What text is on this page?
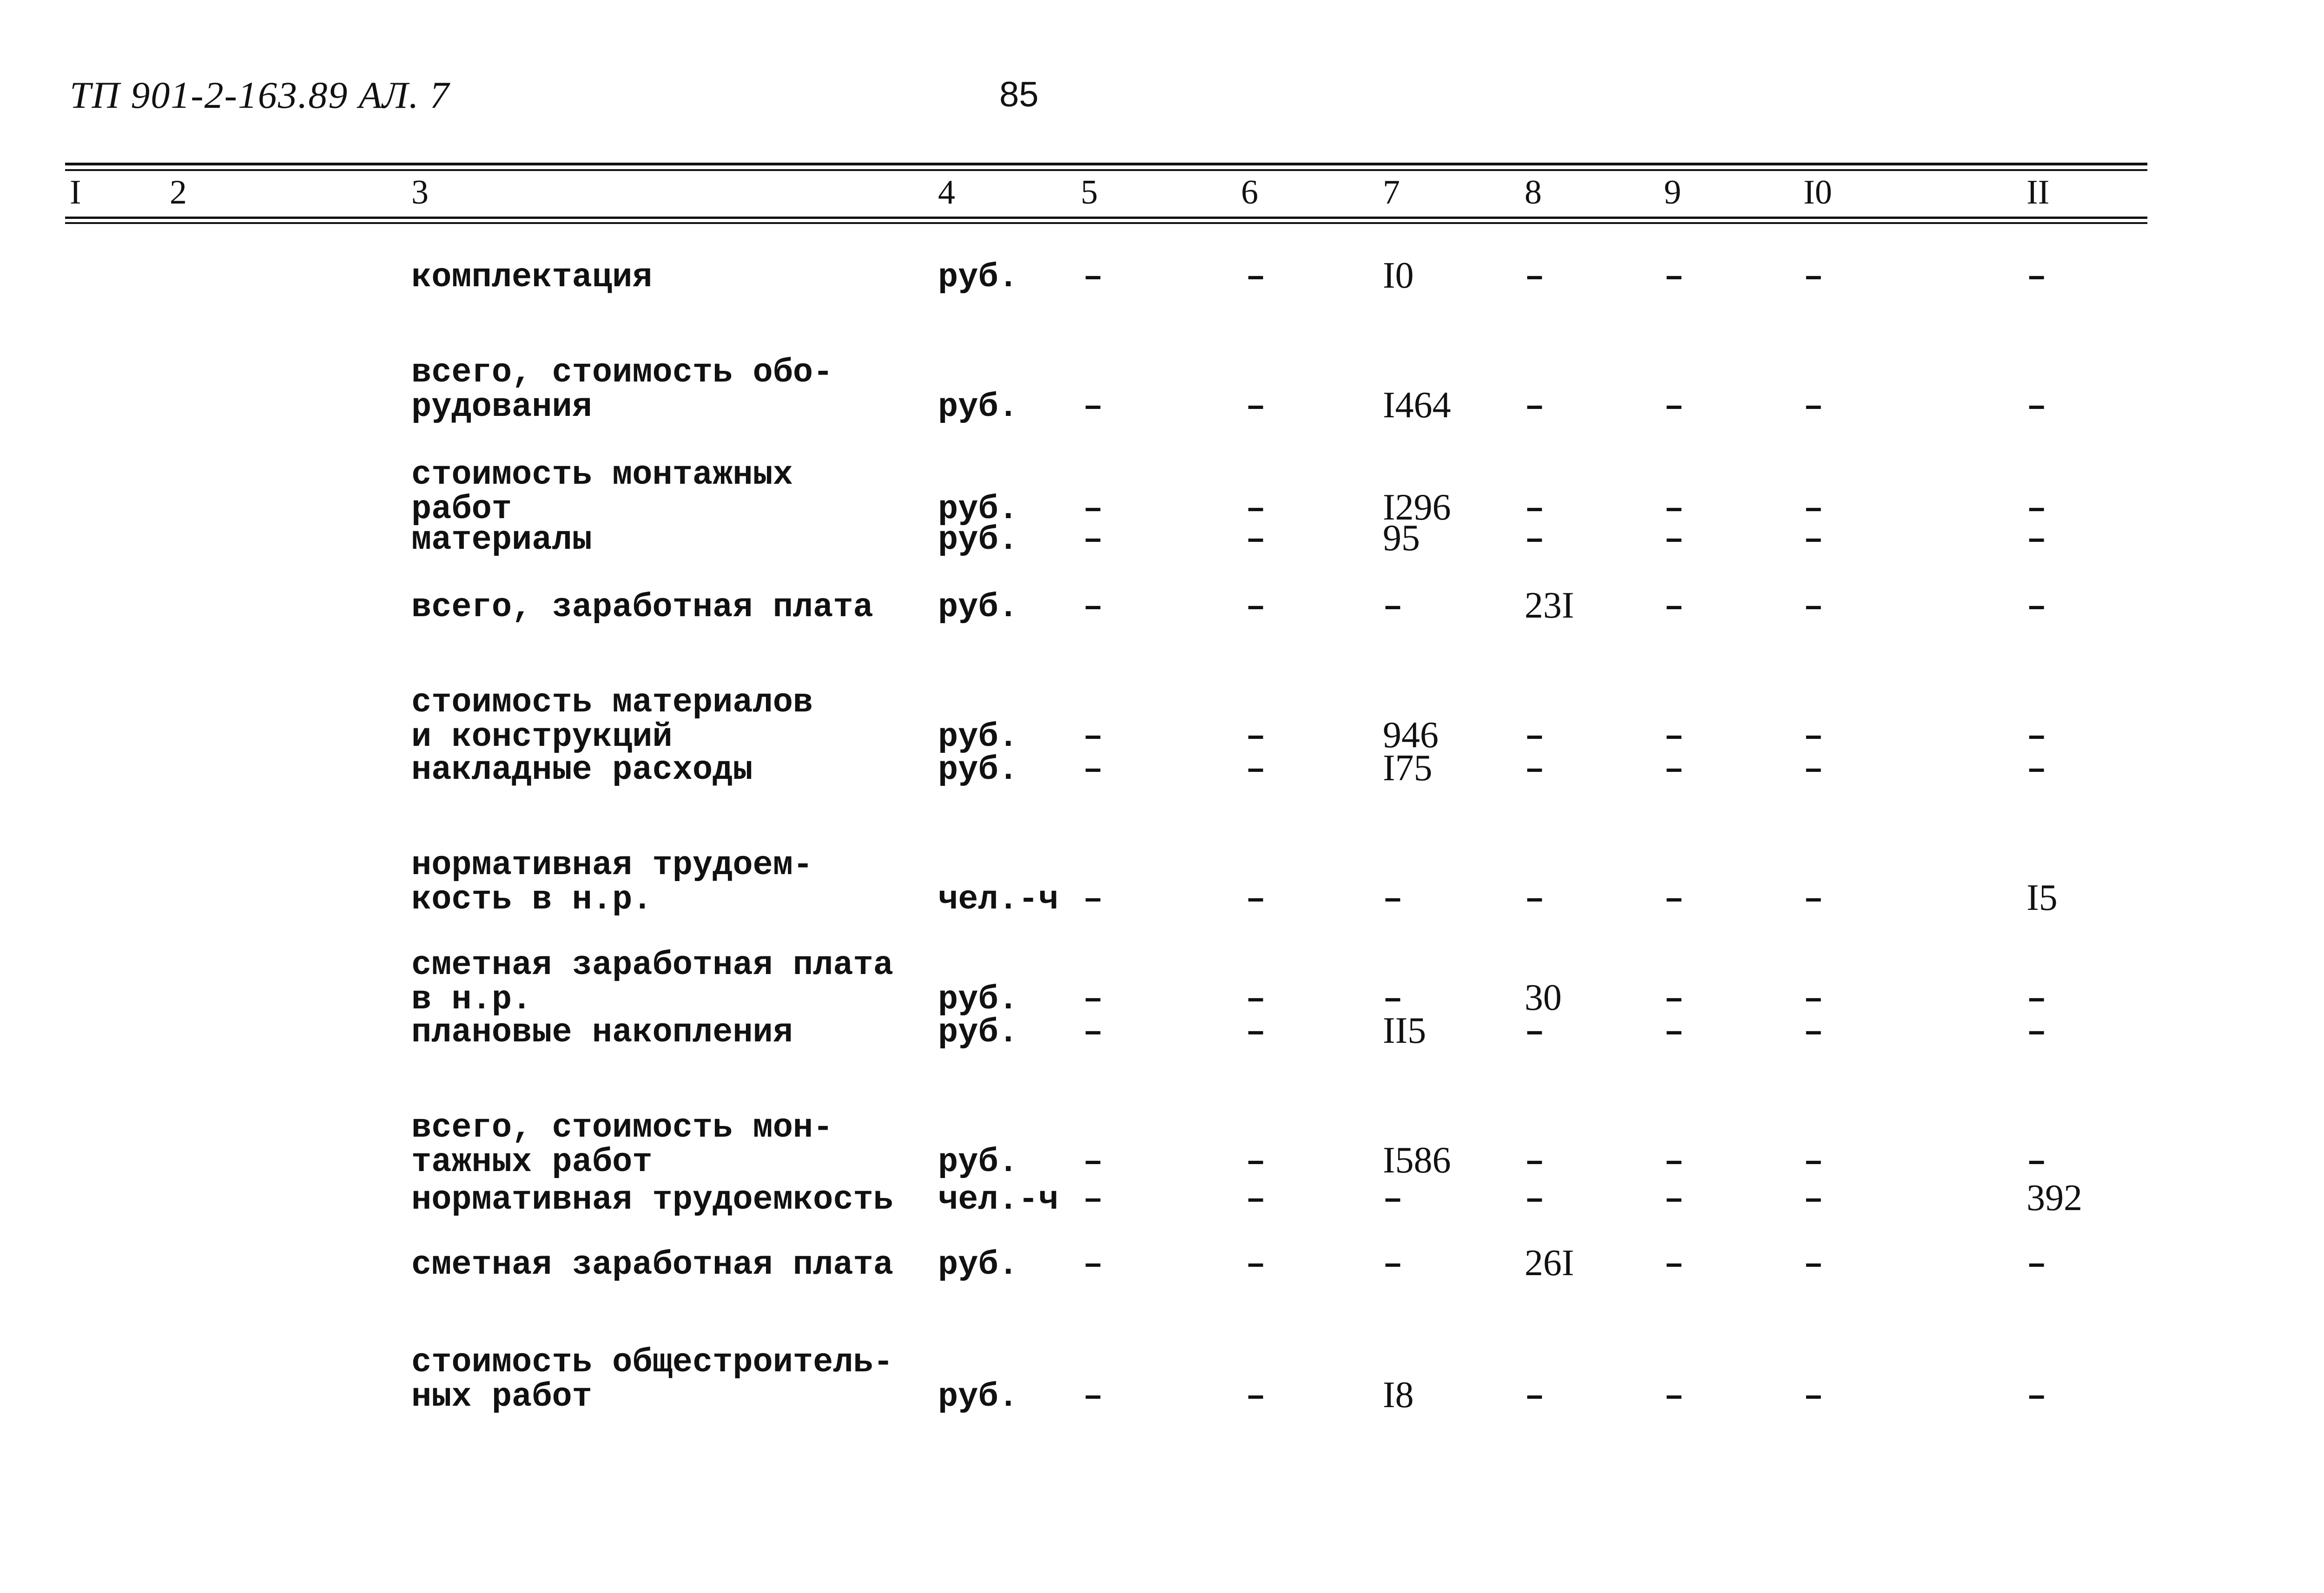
ТП 901-2-163.89 АЛ. 7	85
I	2	3	4	5	6	7	8	9	I0	II
комплектация	руб. –	–	I0	–	–	–	–
всего, стоимость обо-
рудования	руб. –	–	I464 –	–	–	–
стоимость монтажных
работ	руб. –	–	I296 –	–	–	–
материалы	руб. –	–	95	–	–	–	–
всего, заработная плата руб. –	–	–	23I	–	–	–
стоимость материалов
и конструкций	руб. –	–	946	–	–	–	–
накладные расходы	руб. –	–	I75	–	–	–	–
нормативная трудоем-
кость в н.р.	чел.-ч –	–	–	–	–	–	I5
сметная заработная плата
в н.р.	руб. –	–	–	30	–	–	–
плановые накопления	руб. –	–	II5	–	–	–	–
всего, стоимость мон-
тажных работ	руб. –	–	I586 –	–	–	–
нормативная трудоемкость чел.-ч –	–	–	–	–	–	392
сметная заработная плата руб. –	–	–	26I	–	–	–
стоимость общестроитель-
ных работ	руб. –	–	I8	–	–	–	–
